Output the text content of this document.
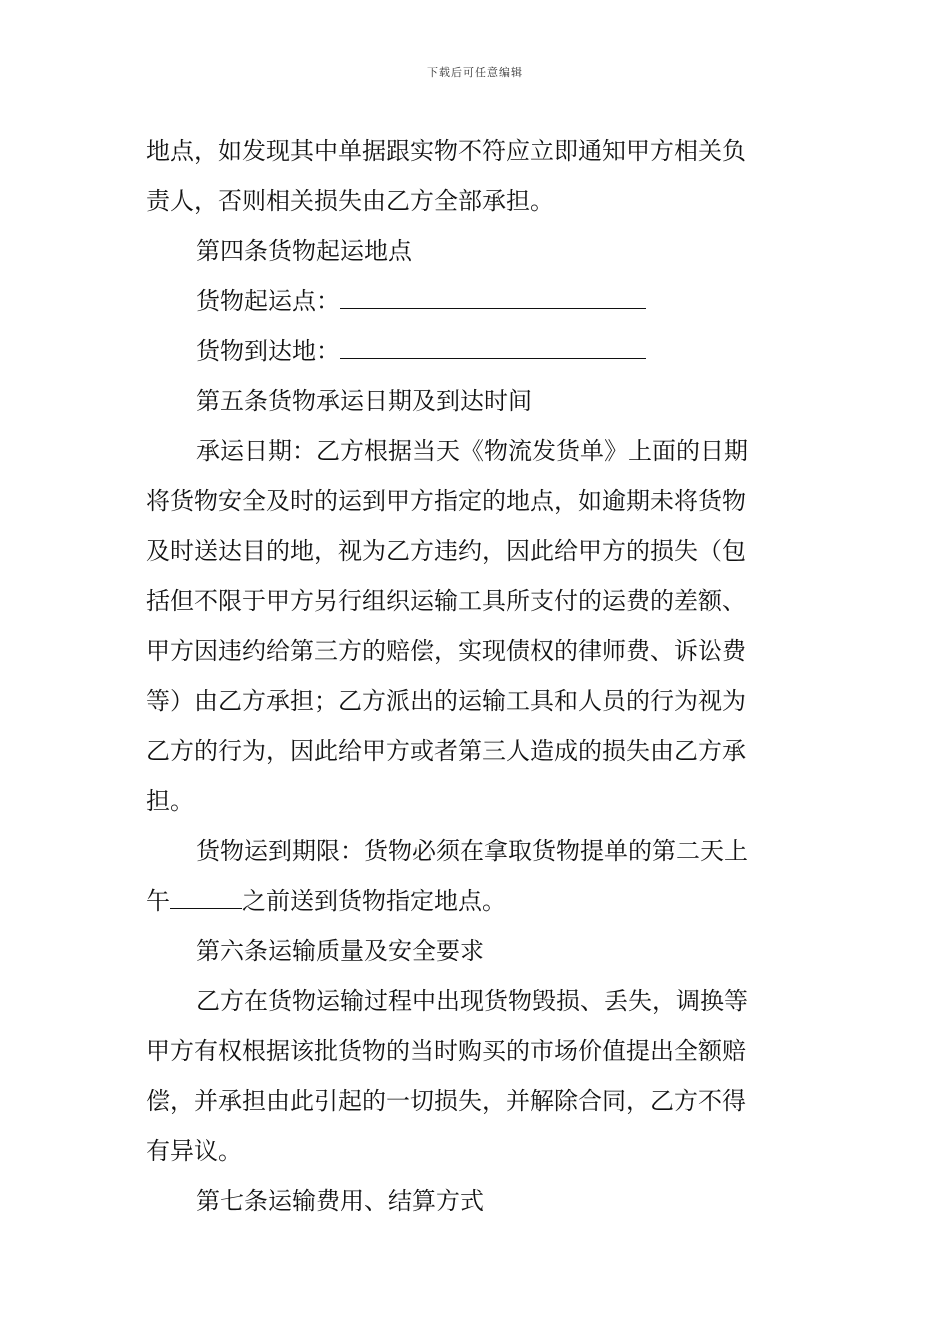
下载后可任意编辑
地点，如发现其中单据跟实物不符应立即通知甲方相关负
责人，否则相关损失由乙方全部承担。
第四条货物起运地点
货物起运点：
货物到达地：
第五条货物承运日期及到达时间
承运日期：乙方根据当天《物流发货单》上面的日期
将货物安全及时的运到甲方指定的地点，如逾期未将货物
及时送达目的地，视为乙方违约，因此给甲方的损失（包
括但不限于甲方另行组织运输工具所支付的运费的差额、
甲方因违约给第三方的赔偿，实现债权的律师费、诉讼费
等）由乙方承担；乙方派出的运输工具和人员的行为视为
乙方的行为，因此给甲方或者第三人造成的损失由乙方承
担。
货物运到期限：货物必须在拿取货物提单的第二天上
午	之前送到货物指定地点。
第六条运输质量及安全要求
乙方在货物运输过程中出现货物毁损、丢失，调换等
甲方有权根据该批货物的当时购买的市场价值提出全额赔
偿，并承担由此引起的一切损失，并解除合同，乙方不得
有异议。
第七条运输费用、结算方式
